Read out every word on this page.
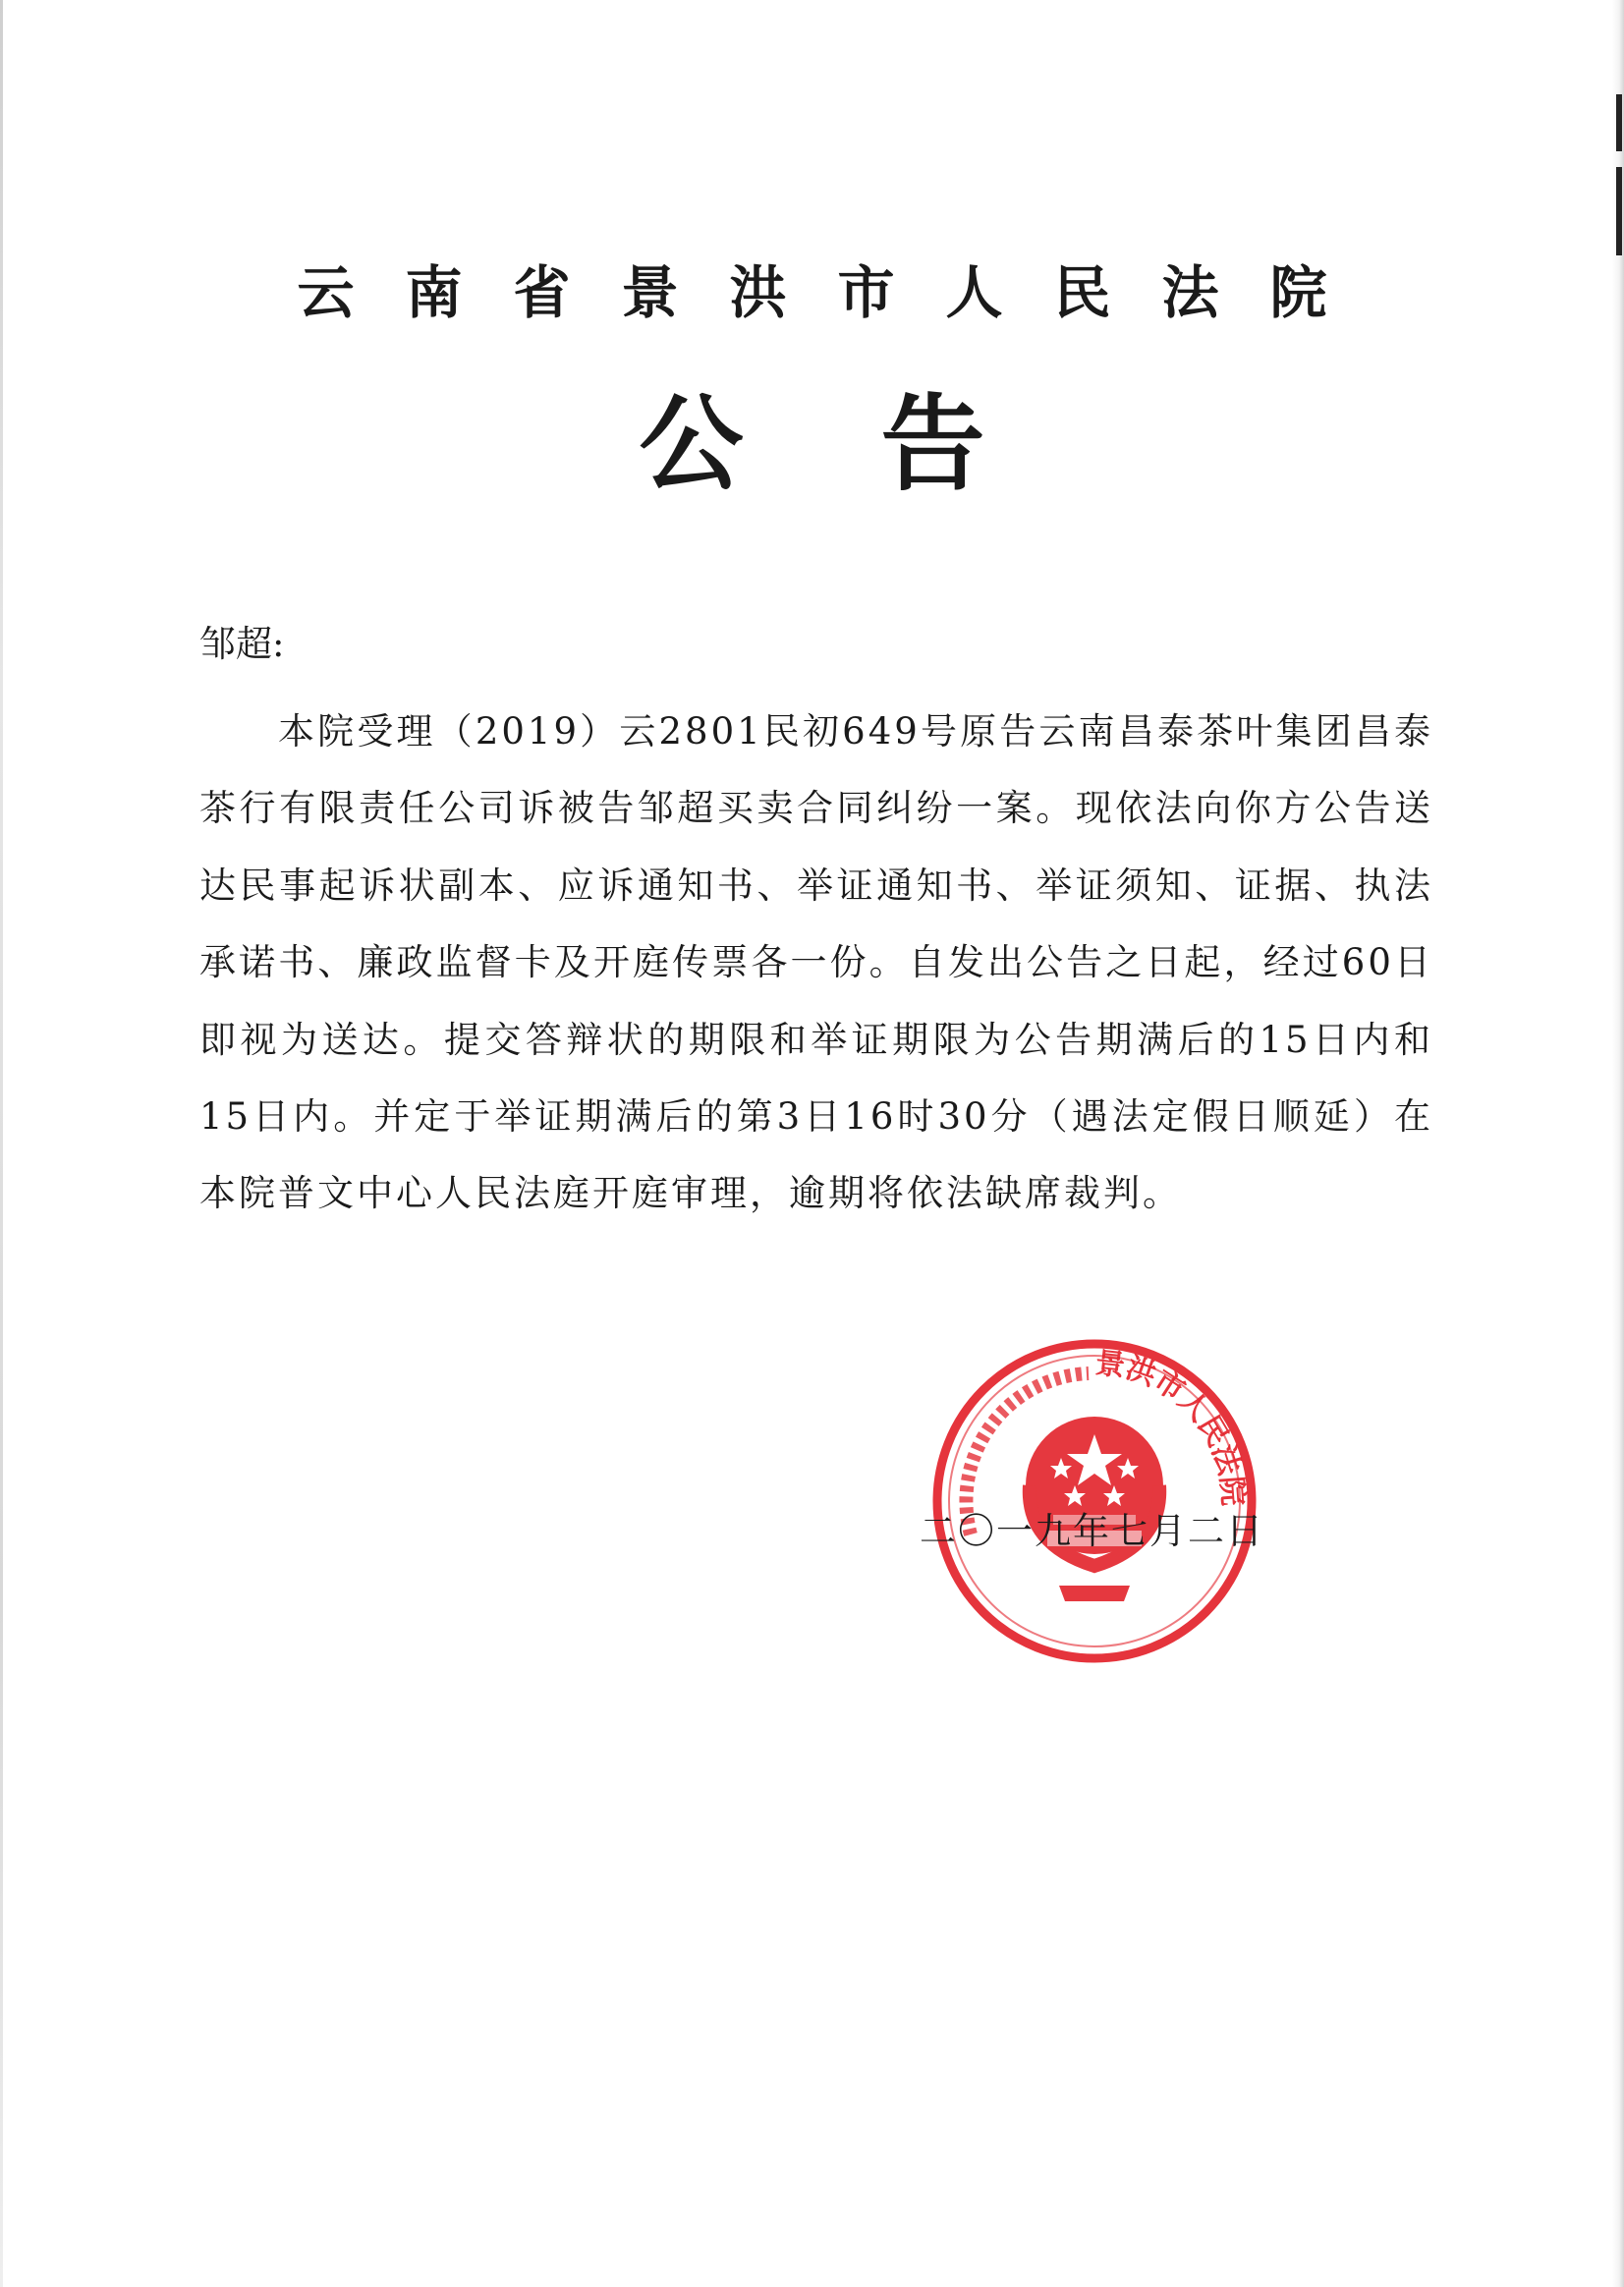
云南省景洪市人民法院
公告
邹超:
本院受理（2019）云2801民初649号原告云南昌泰茶叶集团昌泰茶行有限责任公司诉被告邹超买卖合同纠纷一案。现依法向你方公告送达民事起诉状副本、应诉通知书、举证通知书、举证须知、证据、执法承诺书、廉政监督卡及开庭传票各一份。自发出公告之日起，经过60日即视为送达。提交答辩状的期限和举证期限为公告期满后的15日内和15日内。并定于举证期满后的第3日16时30分（遇法定假日顺延）在本院普文中心人民法庭开庭审理，逾期将依法缺席裁判。
景洪市人民法院
二〇一九年七月二日
